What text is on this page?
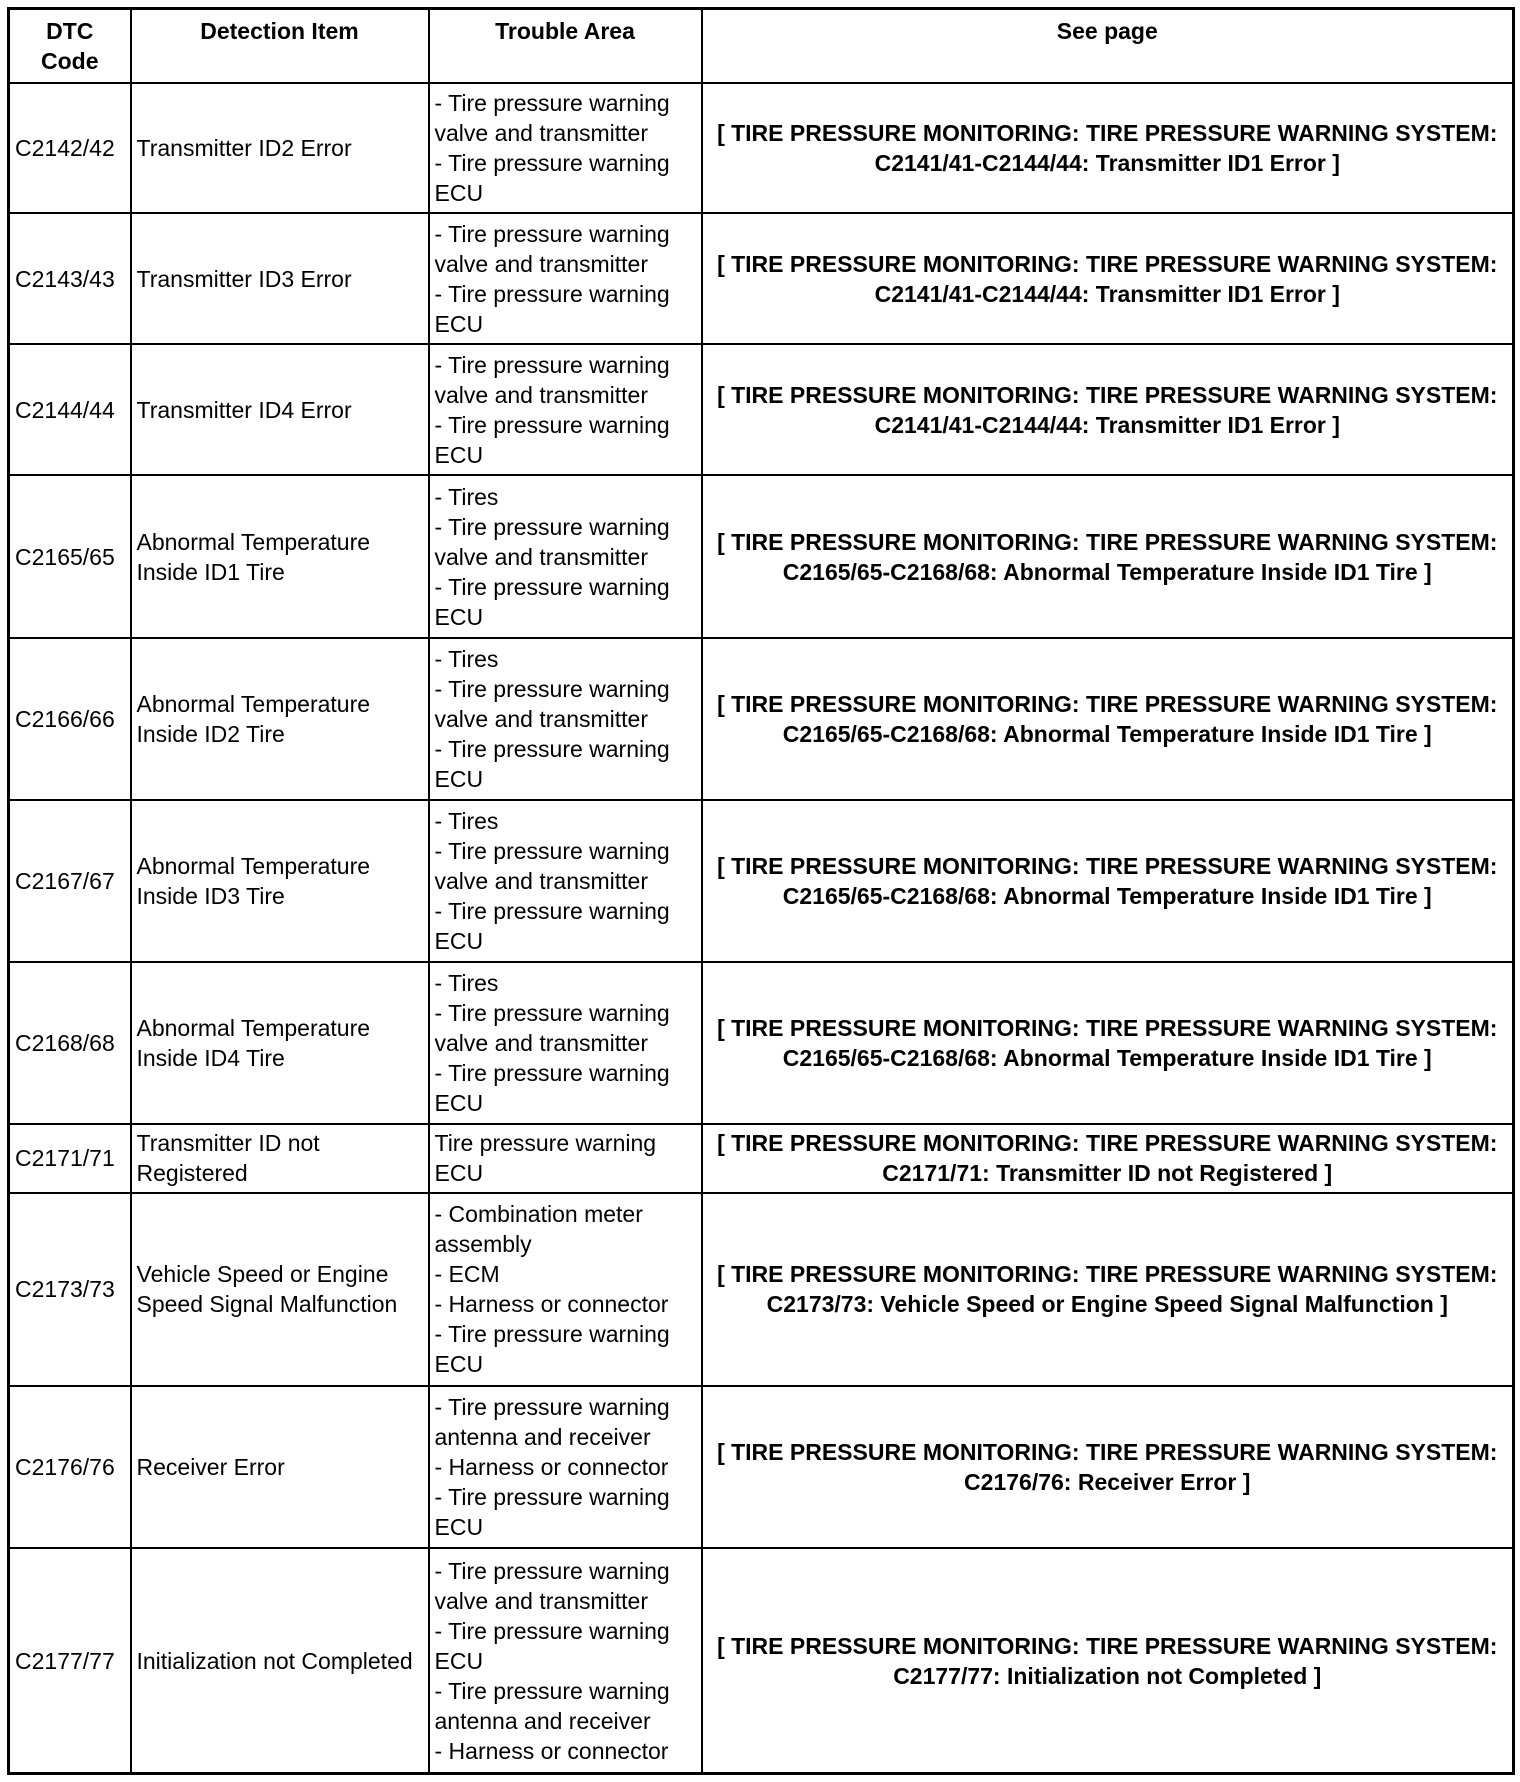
DTC Code	Detection Item	Trouble Area	See page
C2142/42	Transmitter ID2 Error	- Tire pressure warning valve and transmitter
- Tire pressure warning ECU	[ TIRE PRESSURE MONITORING: TIRE PRESSURE WARNING SYSTEM: C2141/41-C2144/44: Transmitter ID1 Error ]
C2143/43	Transmitter ID3 Error	- Tire pressure warning valve and transmitter
- Tire pressure warning ECU	[ TIRE PRESSURE MONITORING: TIRE PRESSURE WARNING SYSTEM: C2141/41-C2144/44: Transmitter ID1 Error ]
C2144/44	Transmitter ID4 Error	- Tire pressure warning valve and transmitter
- Tire pressure warning ECU	[ TIRE PRESSURE MONITORING: TIRE PRESSURE WARNING SYSTEM: C2141/41-C2144/44: Transmitter ID1 Error ]
C2165/65	Abnormal Temperature Inside ID1 Tire	- Tires
- Tire pressure warning valve and transmitter
- Tire pressure warning ECU	[ TIRE PRESSURE MONITORING: TIRE PRESSURE WARNING SYSTEM: C2165/65-C2168/68: Abnormal Temperature Inside ID1 Tire ]
C2166/66	Abnormal Temperature Inside ID2 Tire	- Tires
- Tire pressure warning valve and transmitter
- Tire pressure warning ECU	[ TIRE PRESSURE MONITORING: TIRE PRESSURE WARNING SYSTEM: C2165/65-C2168/68: Abnormal Temperature Inside ID1 Tire ]
C2167/67	Abnormal Temperature Inside ID3 Tire	- Tires
- Tire pressure warning valve and transmitter
- Tire pressure warning ECU	[ TIRE PRESSURE MONITORING: TIRE PRESSURE WARNING SYSTEM: C2165/65-C2168/68: Abnormal Temperature Inside ID1 Tire ]
C2168/68	Abnormal Temperature Inside ID4 Tire	- Tires
- Tire pressure warning valve and transmitter
- Tire pressure warning ECU	[ TIRE PRESSURE MONITORING: TIRE PRESSURE WARNING SYSTEM: C2165/65-C2168/68: Abnormal Temperature Inside ID1 Tire ]
C2171/71	Transmitter ID not Registered	Tire pressure warning ECU	[ TIRE PRESSURE MONITORING: TIRE PRESSURE WARNING SYSTEM: C2171/71: Transmitter ID not Registered ]
C2173/73	Vehicle Speed or Engine Speed Signal Malfunction	- Combination meter assembly
- ECM
- Harness or connector
- Tire pressure warning ECU	[ TIRE PRESSURE MONITORING: TIRE PRESSURE WARNING SYSTEM: C2173/73: Vehicle Speed or Engine Speed Signal Malfunction ]
C2176/76	Receiver Error	- Tire pressure warning antenna and receiver
- Harness or connector
- Tire pressure warning ECU	[ TIRE PRESSURE MONITORING: TIRE PRESSURE WARNING SYSTEM: C2176/76: Receiver Error ]
C2177/77	Initialization not Completed	- Tire pressure warning valve and transmitter
- Tire pressure warning ECU
- Tire pressure warning antenna and receiver
- Harness or connector	[ TIRE PRESSURE MONITORING: TIRE PRESSURE WARNING SYSTEM: C2177/77: Initialization not Completed ]
